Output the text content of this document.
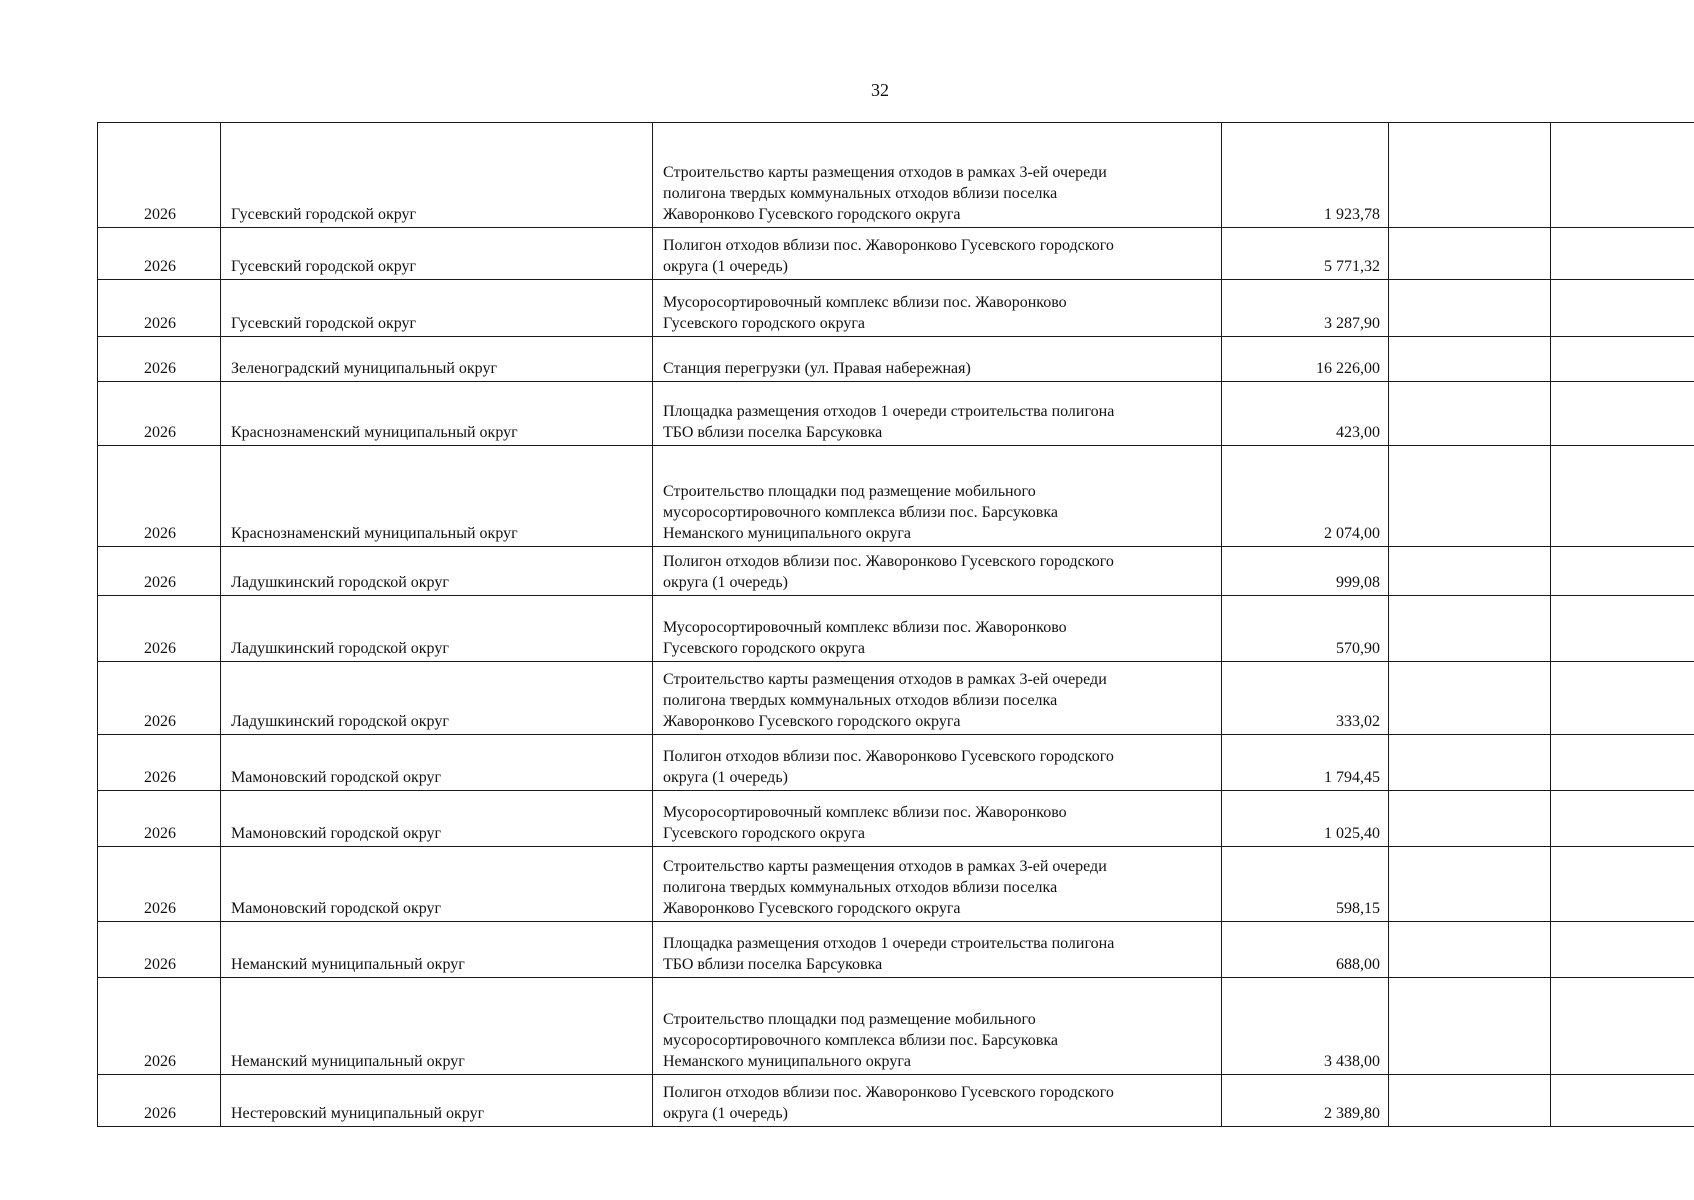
32
2026	Гусевский городской округ	Строительство карты размещения отходов в рамках 3-ей очереди
полигона твердых коммунальных отходов вблизи поселка
Жаворонково Гусевского городского округа	1 923,78		
2026	Гусевский городской округ	Полигон отходов вблизи пос. Жаворонково Гусевского городского
округа (1 очередь)	5 771,32		
2026	Гусевский городской округ	Мусоросортировочный комплекс вблизи пос. Жаворонково
Гусевского городского округа	3 287,90		
2026	Зеленоградский муниципальный округ	Станция перегрузки (ул. Правая набережная)	16 226,00		
2026	Краснознаменский муниципальный округ	Площадка размещения отходов 1 очереди строительства полигона
ТБО вблизи поселка Барсуковка	423,00		
2026	Краснознаменский муниципальный округ	Строительство площадки под размещение мобильного
мусоросортировочного комплекса вблизи пос. Барсуковка
Неманского муниципального округа	2 074,00		
2026	Ладушкинский городской округ	Полигон отходов вблизи пос. Жаворонково Гусевского городского
округа (1 очередь)	999,08		
2026	Ладушкинский городской округ	Мусоросортировочный комплекс вблизи пос. Жаворонково
Гусевского городского округа	570,90		
2026	Ладушкинский городской округ	Строительство карты размещения отходов в рамках 3-ей очереди
полигона твердых коммунальных отходов вблизи поселка
Жаворонково Гусевского городского округа	333,02		
2026	Мамоновский городской округ	Полигон отходов вблизи пос. Жаворонково Гусевского городского
округа (1 очередь)	1 794,45		
2026	Мамоновский городской округ	Мусоросортировочный комплекс вблизи пос. Жаворонково
Гусевского городского округа	1 025,40		
2026	Мамоновский городской округ	Строительство карты размещения отходов в рамках 3-ей очереди
полигона твердых коммунальных отходов вблизи поселка
Жаворонково Гусевского городского округа	598,15		
2026	Неманский муниципальный округ	Площадка размещения отходов 1 очереди строительства полигона
ТБО вблизи поселка Барсуковка	688,00		
2026	Неманский муниципальный округ	Строительство площадки под размещение мобильного
мусоросортировочного комплекса вблизи пос. Барсуковка
Неманского муниципального округа	3 438,00		
2026	Нестеровский муниципальный округ	Полигон отходов вблизи пос. Жаворонково Гусевского городского
округа (1 очередь)	2 389,80		
